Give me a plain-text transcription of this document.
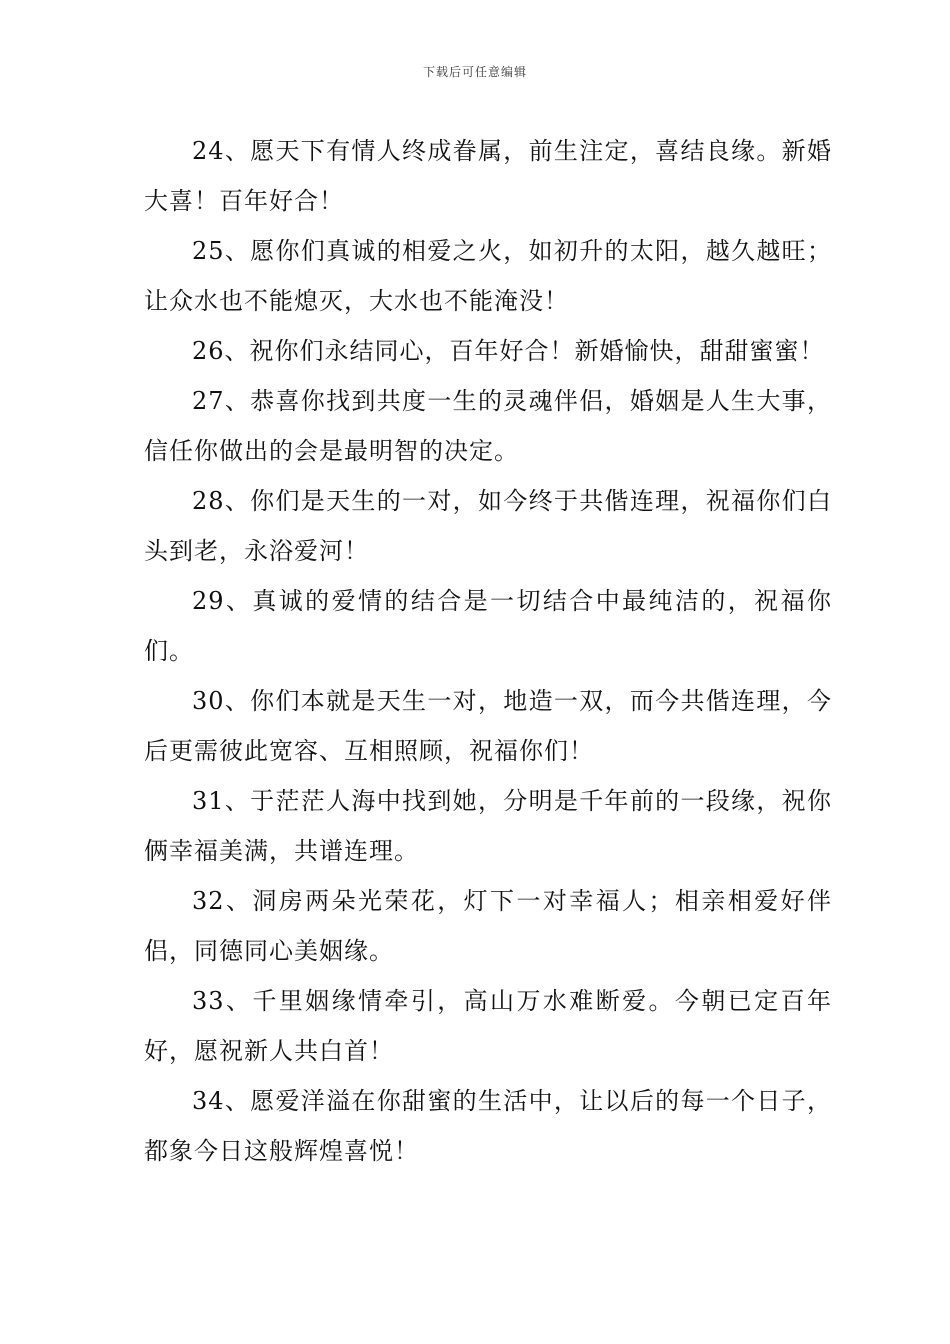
下载后可任意编辑

24、愿天下有情人终成眷属，前生注定，喜结良缘。新婚大喜！百年好合！

25、愿你们真诚的相爱之火，如初升的太阳，越久越旺；让众水也不能熄灭，大水也不能淹没！

26、祝你们永结同心，百年好合！新婚愉快，甜甜蜜蜜！

27、恭喜你找到共度一生的灵魂伴侣，婚姻是人生大事，信任你做出的会是最明智的决定。

28、你们是天生的一对，如今终于共偕连理，祝福你们白头到老，永浴爱河！

29、真诚的爱情的结合是一切结合中最纯洁的，祝福你们。

30、你们本就是天生一对，地造一双，而今共偕连理，今后更需彼此宽容、互相照顾，祝福你们！

31、于茫茫人海中找到她，分明是千年前的一段缘，祝你俩幸福美满，共谱连理。

32、洞房两朵光荣花，灯下一对幸福人；相亲相爱好伴侣，同德同心美姻缘。

33、千里姻缘情牵引，高山万水难断爱。今朝已定百年好，愿祝新人共白首！

34、愿爱洋溢在你甜蜜的生活中，让以后的每一个日子，都象今日这般辉煌喜悦！
